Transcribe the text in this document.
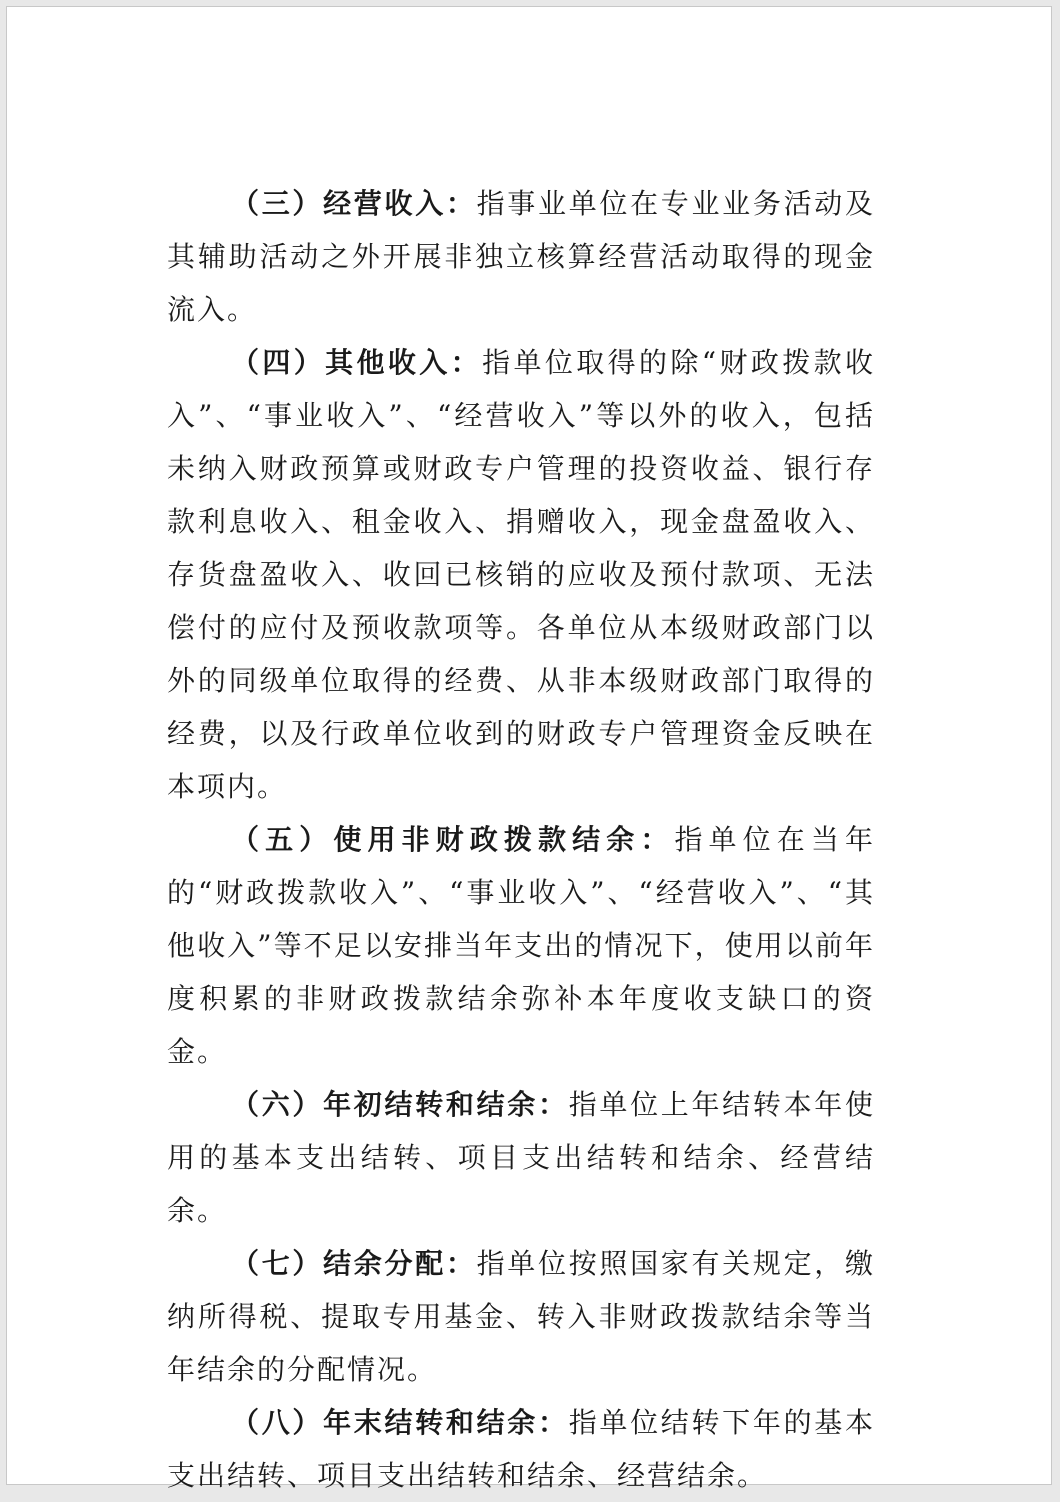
（三）经营收入：指事业单位在专业业务活动及其辅助活动之外开展非独立核算经营活动取得的现金流入。

（四）其他收入：指单位取得的除“财政拨款收入”、“事业收入”、“经营收入”等以外的收入，包括未纳入财政预算或财政专户管理的投资收益、银行存款利息收入、租金收入、捐赠收入，现金盘盈收入、存货盘盈收入、收回已核销的应收及预付款项、无法偿付的应付及预收款项等。各单位从本级财政部门以外的同级单位取得的经费、从非本级财政部门取得的经费，以及行政单位收到的财政专户管理资金反映在本项内。

（五）使用非财政拨款结余：指单位在当年的“财政拨款收入”、“事业收入”、“经营收入”、“其他收入”等不足以安排当年支出的情况下，使用以前年度积累的非财政拨款结余弥补本年度收支缺口的资金。

（六）年初结转和结余：指单位上年结转本年使用的基本支出结转、项目支出结转和结余、经营结余。

（七）结余分配：指单位按照国家有关规定，缴纳所得税、提取专用基金、转入非财政拨款结余等当年结余的分配情况。

（八）年末结转和结余：指单位结转下年的基本支出结转、项目支出结转和结余、经营结余。
